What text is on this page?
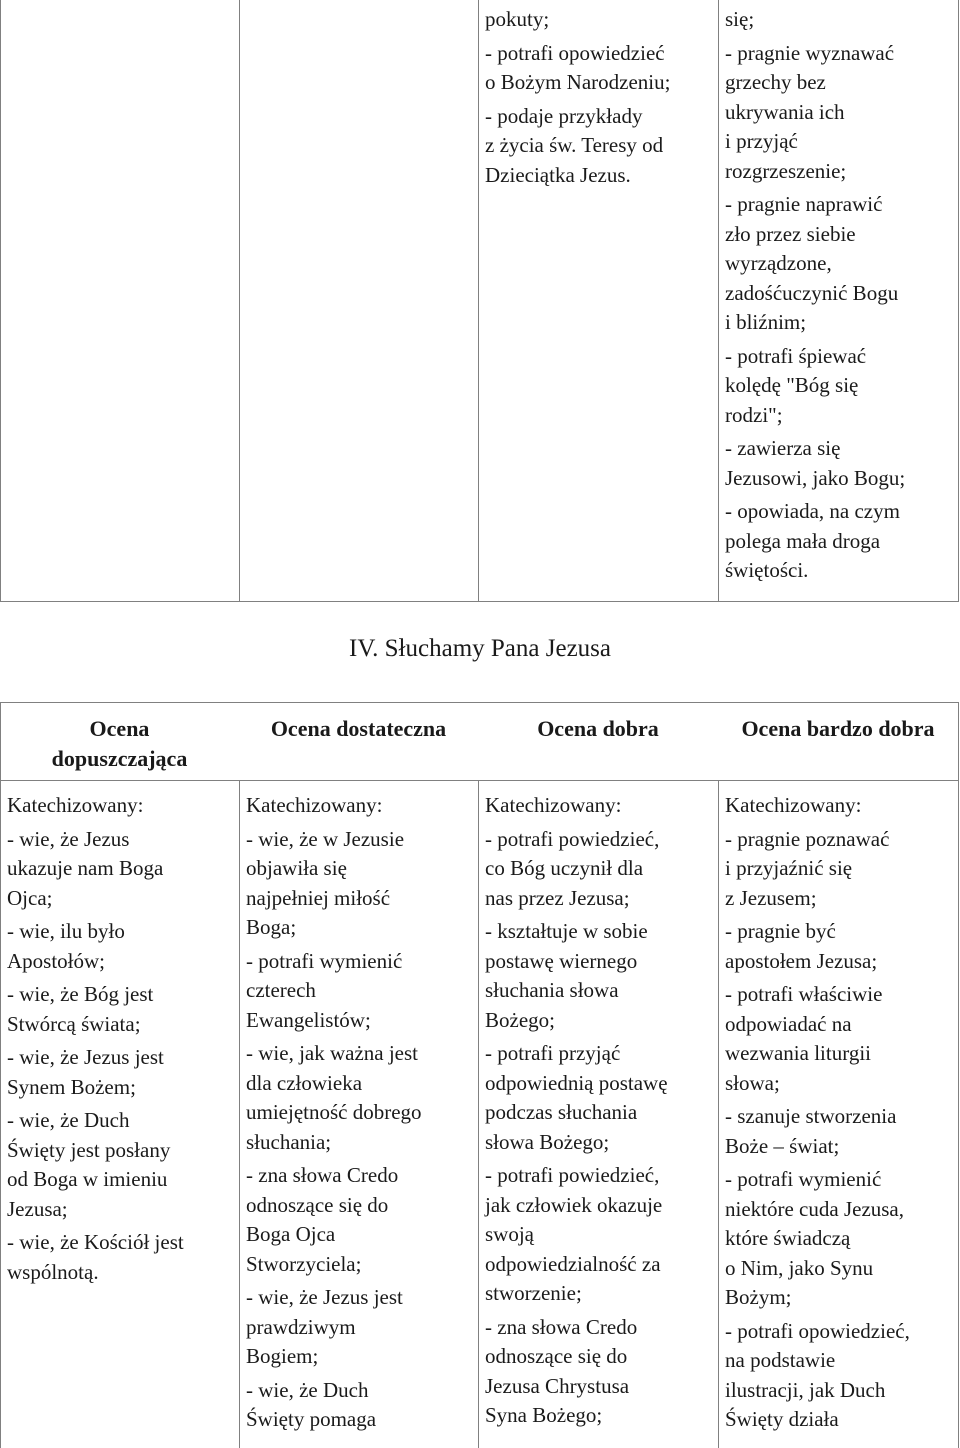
pokuty;
- potrafi opowiedzieć
o Bożym Narodzeniu;
- podaje przykłady
z życia św. Teresy od
Dzieciątka Jezus.
się;
- pragnie wyznawać
grzechy bez
ukrywania ich
i przyjąć
rozgrzeszenie;
- pragnie naprawić
zło przez siebie
wyrządzone,
zadośćuczynić Bogu
i bliźnim;
- potrafi śpiewać
kolędę "Bóg się
rodzi";
- zawierza się
Jezusowi, jako Bogu;
- opowiada, na czym
polega mała droga
świętości.
IV. Słuchamy Pana Jezusa
Ocena
dopuszczająca
Ocena dostateczna	Ocena dobra	Ocena bardzo dobra
Katechizowany:
- wie, że Jezus
ukazuje nam Boga
Ojca;
- wie, ilu było
Apostołów;
- wie, że Bóg jest
Stwórcą świata;
- wie, że Jezus jest
Synem Bożem;
- wie, że Duch
Święty jest posłany
od Boga w imieniu
Jezusa;
- wie, że Kościół jest
wspólnotą.
Katechizowany:
- wie, że w Jezusie
objawiła się
najpełniej miłość
Boga;
- potrafi wymienić
czterech
Ewangelistów;
- wie, jak ważna jest
dla człowieka
umiejętność dobrego
słuchania;
- zna słowa Credo
odnoszące się do
Boga Ojca
Stworzyciela;
- wie, że Jezus jest
prawdziwym
Bogiem;
- wie, że Duch
Święty pomaga
Katechizowany:
- potrafi powiedzieć,
co Bóg uczynił dla
nas przez Jezusa;
- kształtuje w sobie
postawę wiernego
słuchania słowa
Bożego;
- potrafi przyjąć
odpowiednią postawę
podczas słuchania
słowa Bożego;
- potrafi powiedzieć,
jak człowiek okazuje
swoją
odpowiedzialność za
stworzenie;
- zna słowa Credo
odnoszące się do
Jezusa Chrystusa
Syna Bożego;
Katechizowany:
- pragnie poznawać
i przyjaźnić się
z Jezusem;
- pragnie być
apostołem Jezusa;
- potrafi właściwie
odpowiadać na
wezwania liturgii
słowa;
- szanuje stworzenia
Boże – świat;
- potrafi wymienić
niektóre cuda Jezusa,
które świadczą
o Nim, jako Synu
Bożym;
- potrafi opowiedzieć,
na podstawie
ilustracji, jak Duch
Święty działa
